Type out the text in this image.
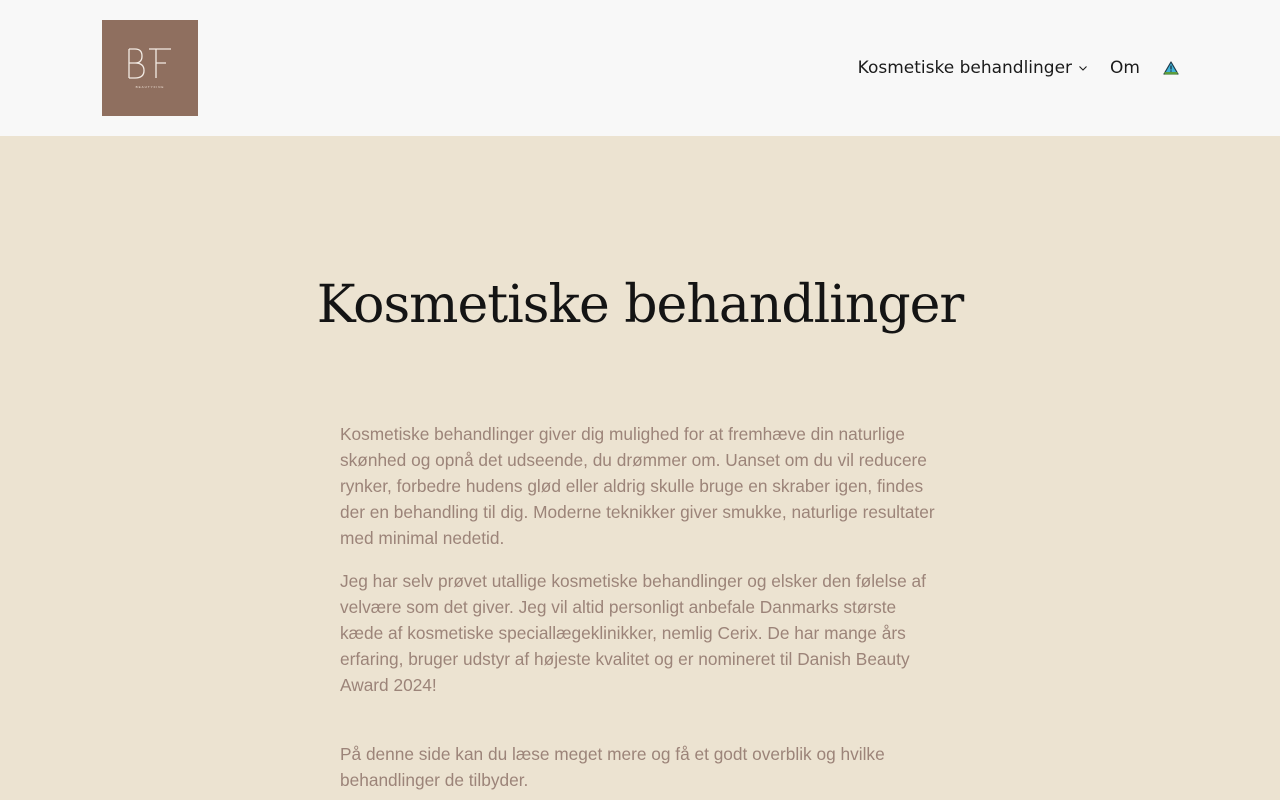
BEAUTYFINE
Kosmetiske behandlinger Om
Kosmetiske behandlinger

Kosmetiske behandlinger giver dig mulighed for at fremhæve din naturlige skønhed og opnå det udseende, du drømmer om. Uanset om du vil reducere rynker, forbedre hudens glød eller aldrig skulle bruge en skraber igen, findes der en behandling til dig. Moderne teknikker giver smukke, naturlige resultater med minimal nedetid.

Jeg har selv prøvet utallige kosmetiske behandlinger og elsker den følelse af velvære som det giver. Jeg vil altid personligt anbefale Danmarks største kæde af kosmetiske speciallægeklinikker, nemlig Cerix. De har mange års erfaring, bruger udstyr af højeste kvalitet og er nomineret til Danish Beauty Award 2024!

På denne side kan du læse meget mere og få et godt overblik og hvilke behandlinger de tilbyder.
